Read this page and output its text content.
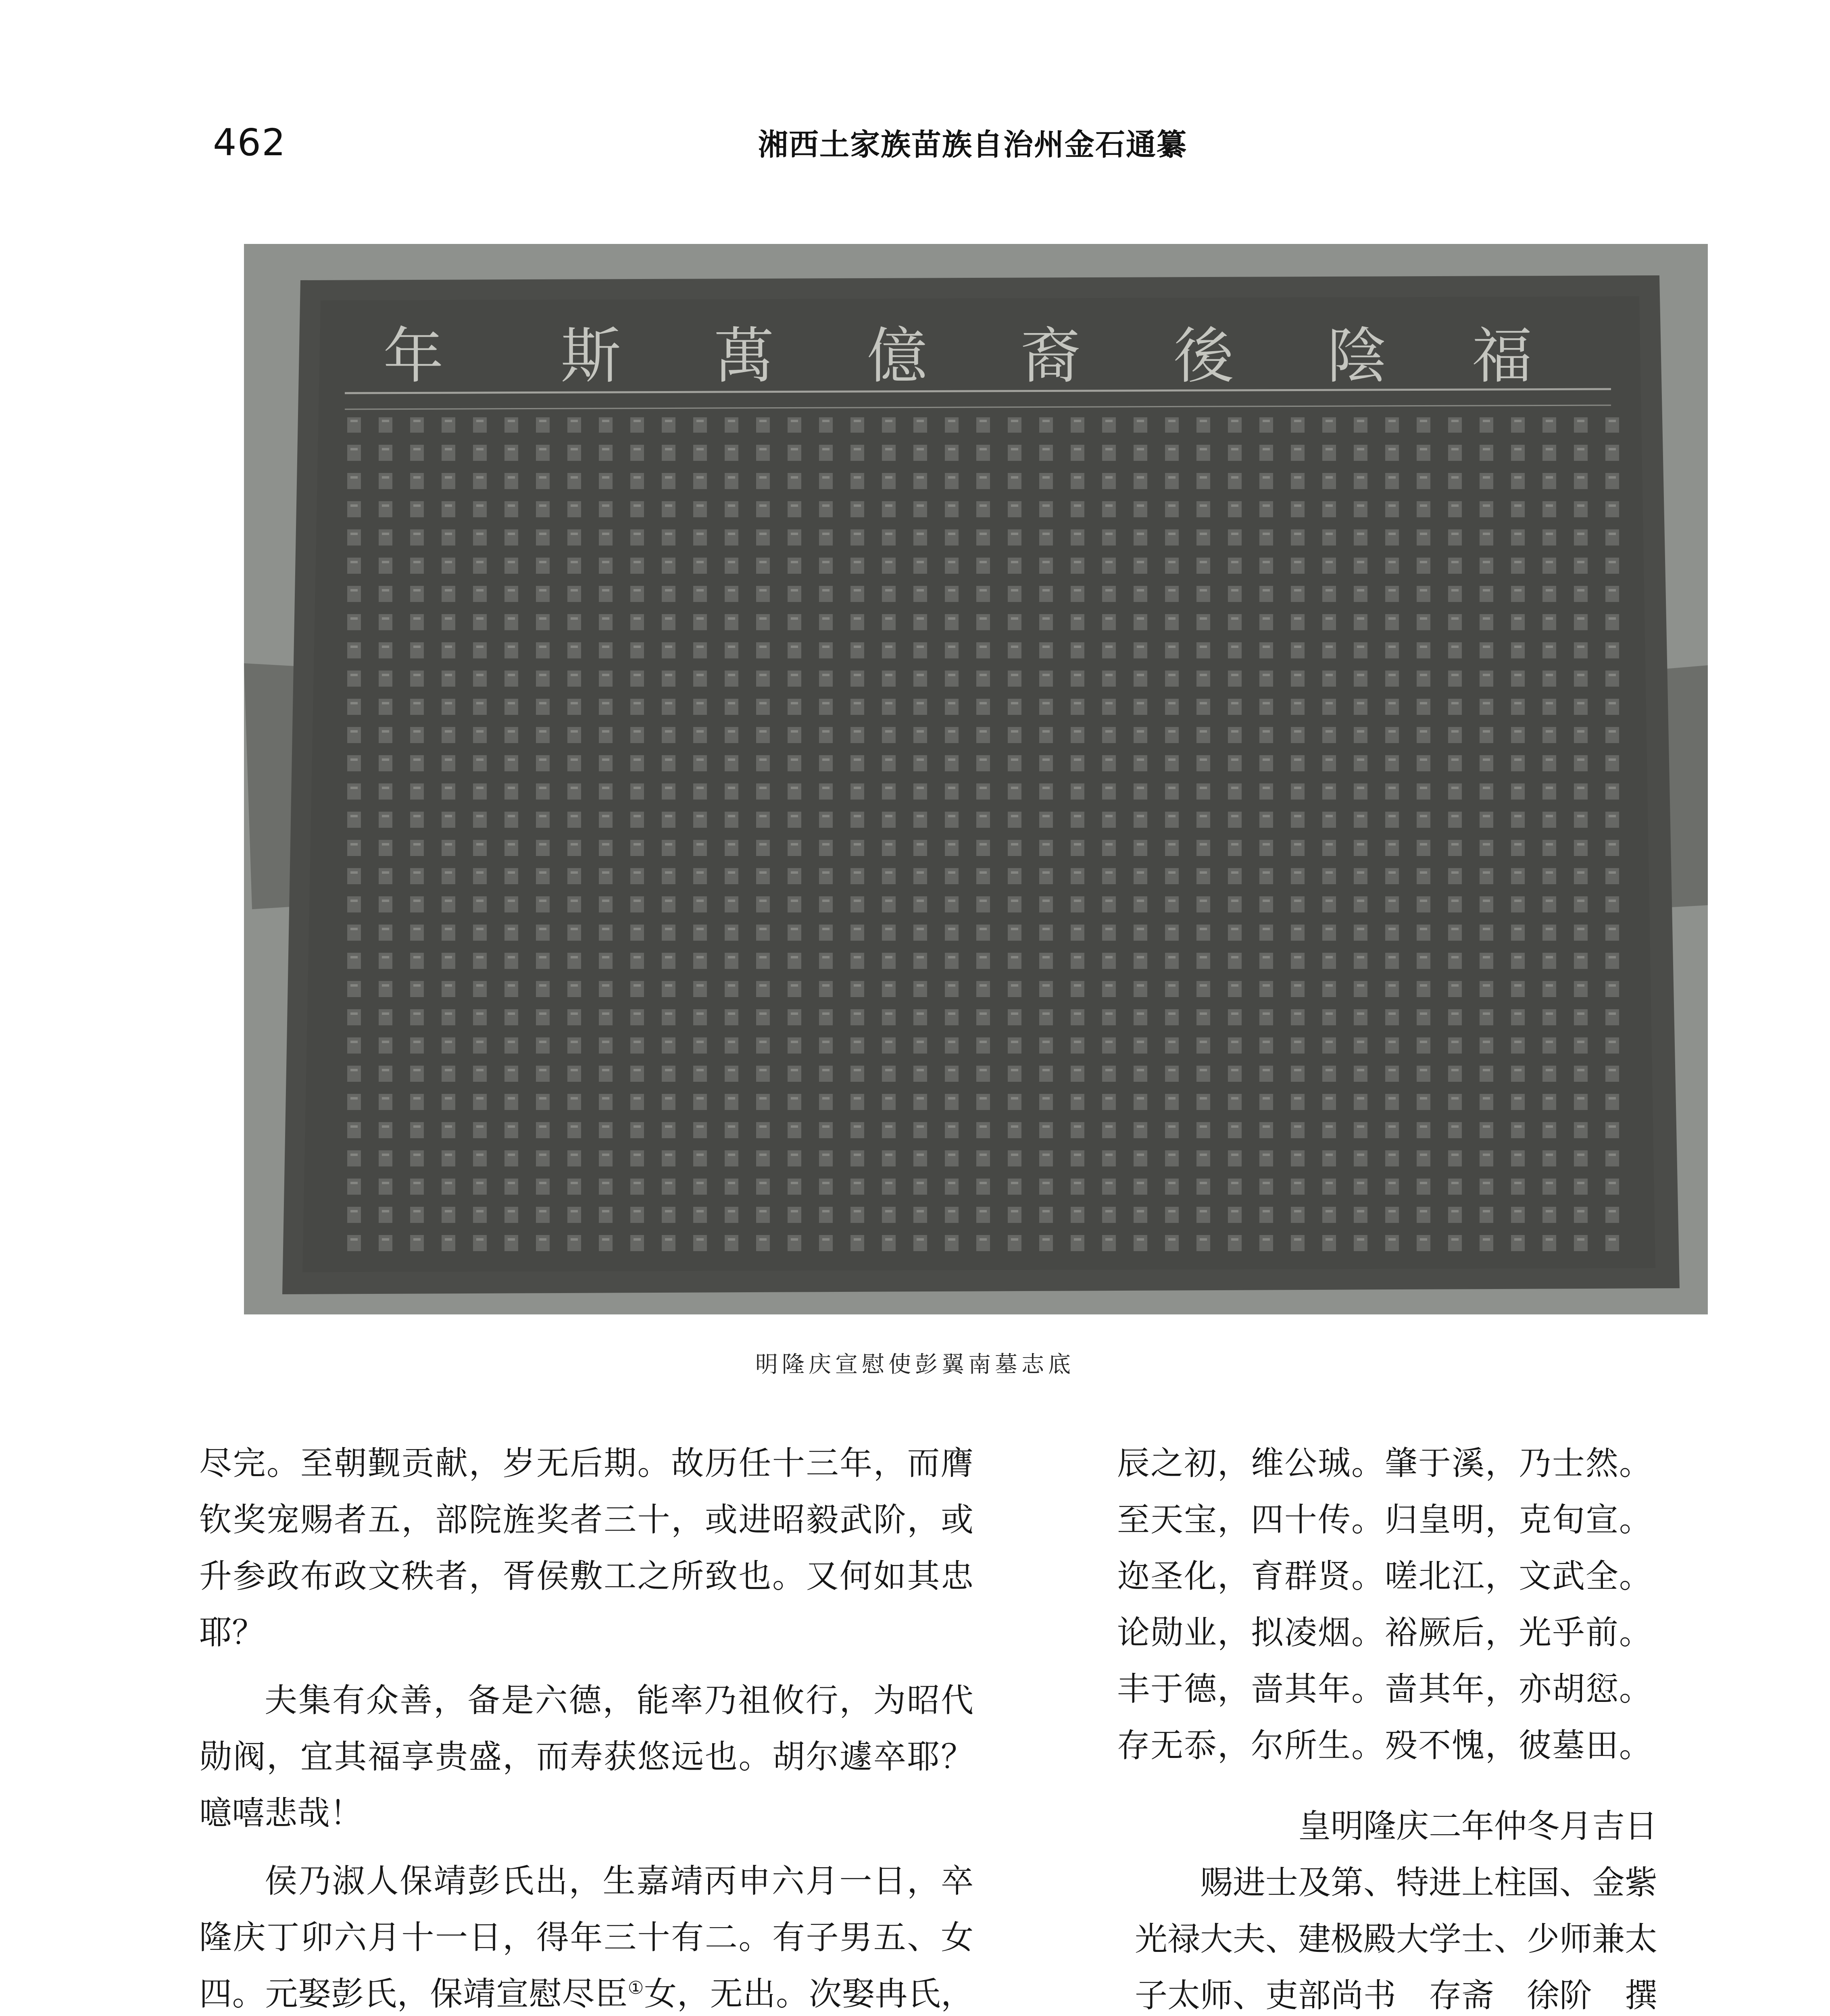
462	湘西土家族苗族自治州金石通纂
福
陰
後
裔
億
萬
斯
年
明隆庆宣慰使彭翼南墓志底

尽完。至朝觐贡献，岁无后期。故历任十三年，而膺钦奖宠赐者五，部院旌奖者三十，或进昭毅武阶，或升参政布政文秩者，胥侯敷工之所致也。又何如其忠耶？

夫集有众善，备是六德，能率乃祖攸行，为昭代勋阀，宜其福享贵盛，而寿获悠远也。胡尔遽卒耶？噫嘻悲哉！

侯乃淑人保靖彭氏出，生嘉靖丙申六月一日，卒隆庆丁卯六月十一日，得年三十有二。有子男五、女四。元娶彭氏，保靖宣慰尽臣①女，无出。次娶冉氏，

辰之初，维公珹。肇于溪，乃士然。

至天宝，四十传。归皇明，克旬宣。

迩圣化，育群贤。嗟北江，文武全。

论勋业，拟凌烟。裕厥后，光乎前。

丰于德，啬其年。啬其年，亦胡愆。

存无忝，尔所生。殁不愧，彼墓田。

皇明隆庆二年仲冬月吉日

赐进士及第、特进上柱国、金紫

光禄大夫、建极殿大学士、少师兼太

子太师、吏部尚书　存斋　徐阶　撰
